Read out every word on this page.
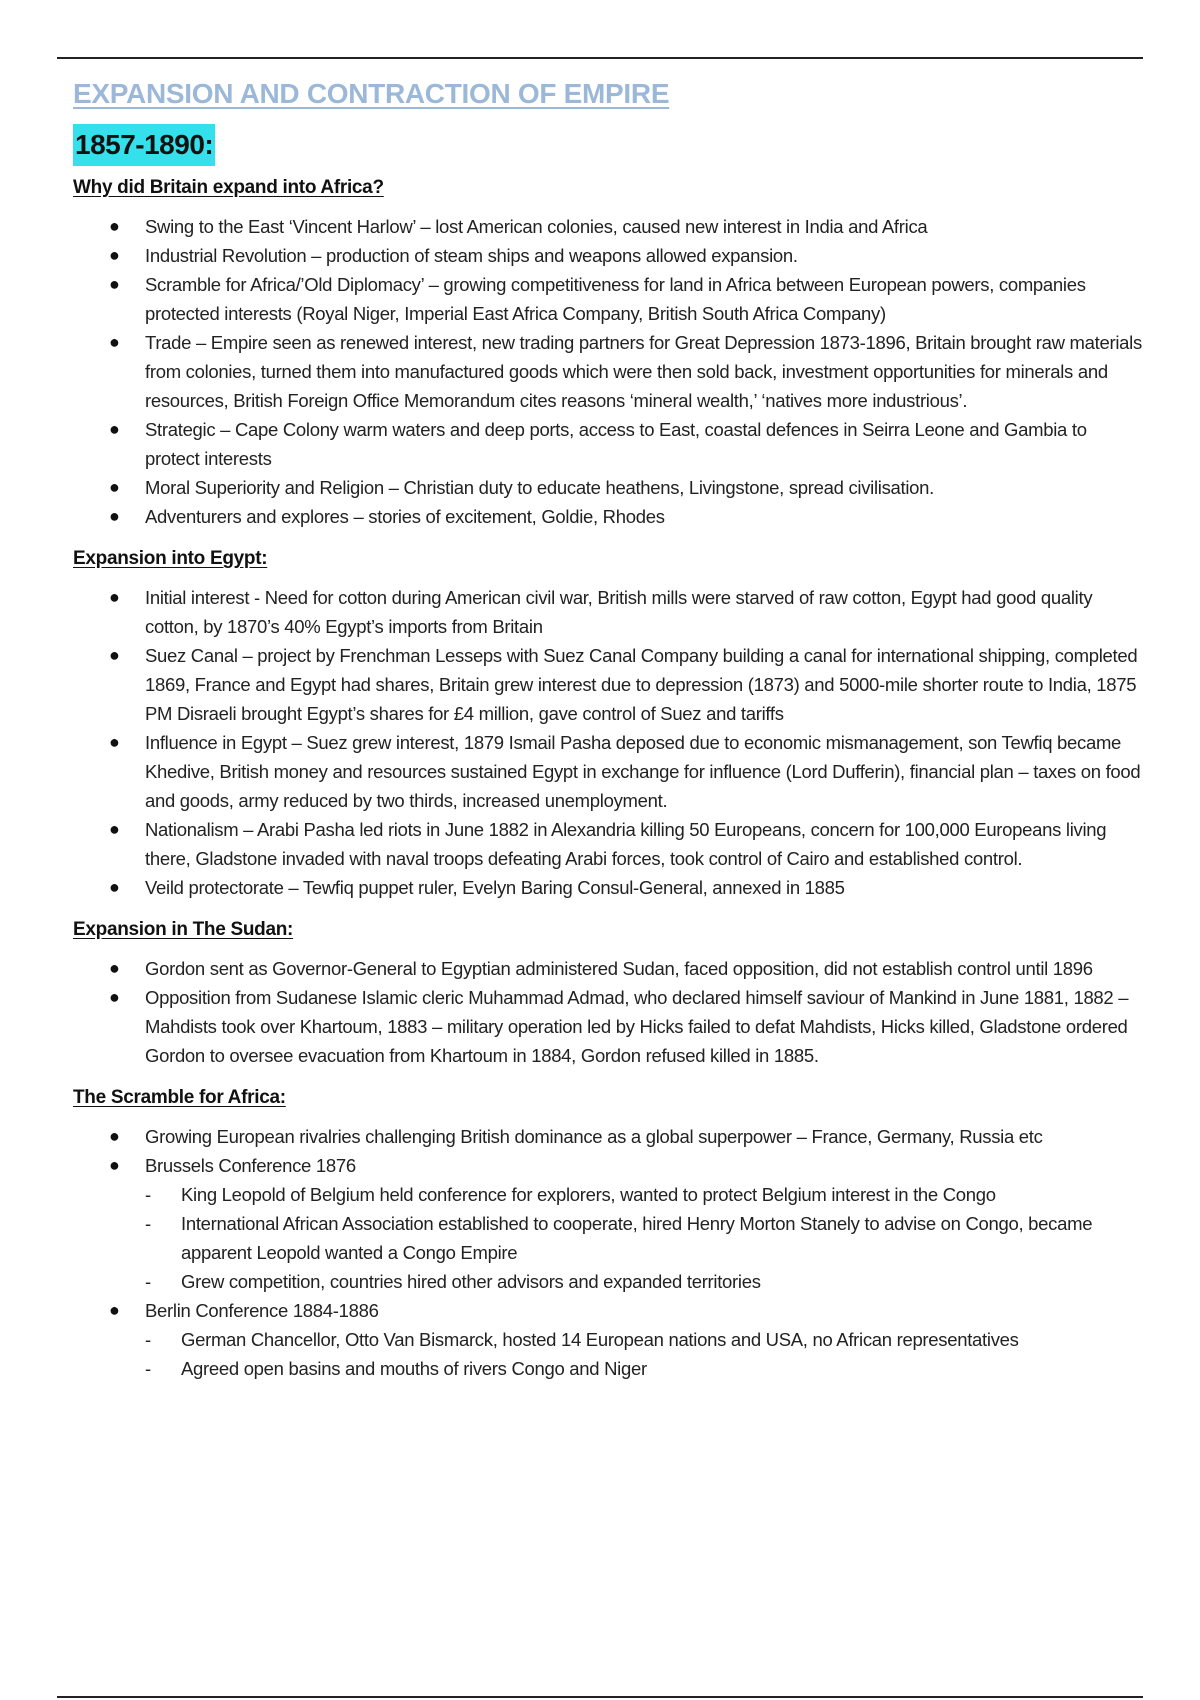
EXPANSION AND CONTRACTION OF EMPIRE
1857-1890:
Why did Britain expand into Africa?
● Swing to the East ‘Vincent Harlow’ – lost American colonies, caused new interest in India and Africa
● Industrial Revolution – production of steam ships and weapons allowed expansion.
● Scramble for Africa/’Old Diplomacy’ – growing competitiveness for land in Africa between European powers, companies protected interests (Royal Niger, Imperial East Africa Company, British South Africa Company)
● Trade – Empire seen as renewed interest, new trading partners for Great Depression 1873-1896, Britain brought raw materials from colonies, turned them into manufactured goods which were then sold back, investment opportunities for minerals and resources, British Foreign Office Memorandum cites reasons ‘mineral wealth,’ ‘natives more industrious’.
● Strategic – Cape Colony warm waters and deep ports, access to East, coastal defences in Seirra Leone and Gambia to protect interests
● Moral Superiority and Religion – Christian duty to educate heathens, Livingstone, spread civilisation.
● Adventurers and explores – stories of excitement, Goldie, Rhodes
Expansion into Egypt:
● Initial interest - Need for cotton during American civil war, British mills were starved of raw cotton, Egypt had good quality cotton, by 1870’s 40% Egypt’s imports from Britain
● Suez Canal – project by Frenchman Lesseps with Suez Canal Company building a canal for international shipping, completed 1869, France and Egypt had shares, Britain grew interest due to depression (1873) and 5000-mile shorter route to India, 1875 PM Disraeli brought Egypt’s shares for £4 million, gave control of Suez and tariffs
● Influence in Egypt – Suez grew interest, 1879 Ismail Pasha deposed due to economic mismanagement, son Tewfiq became Khedive, British money and resources sustained Egypt in exchange for influence (Lord Dufferin), financial plan – taxes on food and goods, army reduced by two thirds, increased unemployment.
● Nationalism – Arabi Pasha led riots in June 1882 in Alexandria killing 50 Europeans, concern for 100,000 Europeans living there, Gladstone invaded with naval troops defeating Arabi forces, took control of Cairo and established control.
● Veild protectorate – Tewfiq puppet ruler, Evelyn Baring Consul-General, annexed in 1885
Expansion in The Sudan:
● Gordon sent as Governor-General to Egyptian administered Sudan, faced opposition, did not establish control until 1896
● Opposition from Sudanese Islamic cleric Muhammad Admad, who declared himself saviour of Mankind in June 1881, 1882 – Mahdists took over Khartoum, 1883 – military operation led by Hicks failed to defat Mahdists, Hicks killed, Gladstone ordered Gordon to oversee evacuation from Khartoum in 1884, Gordon refused killed in 1885.
The Scramble for Africa:
● Growing European rivalries challenging British dominance as a global superpower – France, Germany, Russia etc
● Brussels Conference 1876
- King Leopold of Belgium held conference for explorers, wanted to protect Belgium interest in the Congo
- International African Association established to cooperate, hired Henry Morton Stanely to advise on Congo, became apparent Leopold wanted a Congo Empire
- Grew competition, countries hired other advisors and expanded territories
● Berlin Conference 1884-1886
- German Chancellor, Otto Van Bismarck, hosted 14 European nations and USA, no African representatives
- Agreed open basins and mouths of rivers Congo and Niger
